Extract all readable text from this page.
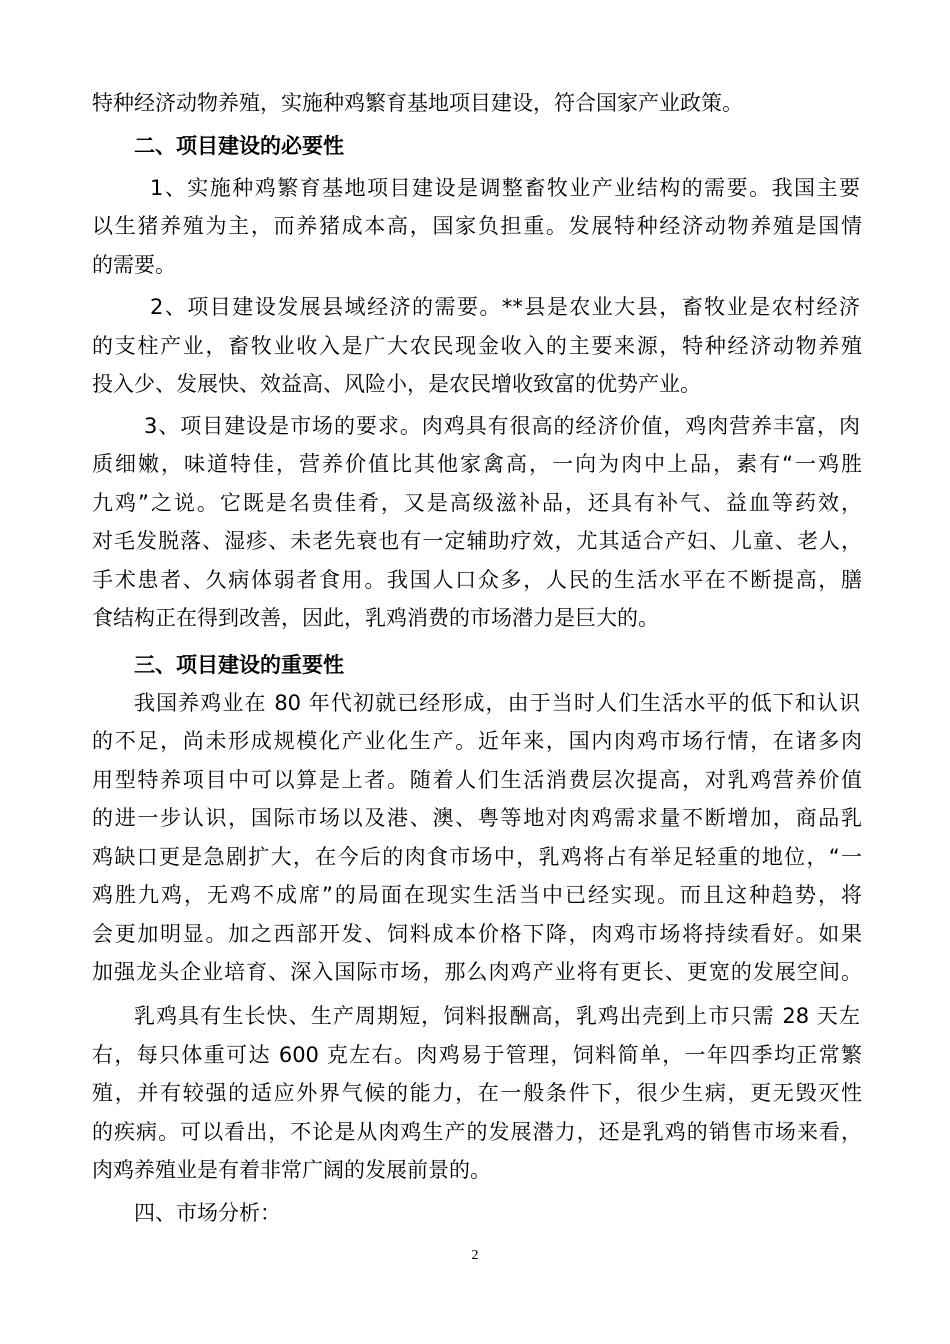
特种经济动物养殖，实施种鸡繁育基地项目建设，符合国家产业政策。
二、项目建设的必要性
1、实施种鸡繁育基地项目建设是调整畜牧业产业结构的需要。我国主要
以生猪养殖为主，而养猪成本高，国家负担重。发展特种经济动物养殖是国情
的需要。
2、项目建设发展县域经济的需要。**县是农业大县，畜牧业是农村经济
的支柱产业，畜牧业收入是广大农民现金收入的主要来源，特种经济动物养殖
投入少、发展快、效益高、风险小，是农民增收致富的优势产业。
3、项目建设是市场的要求。肉鸡具有很高的经济价值，鸡肉营养丰富，肉
质细嫩，味道特佳，营养价值比其他家禽高，一向为肉中上品，素有“一鸡胜
九鸡”之说。它既是名贵佳肴，又是高级滋补品，还具有补气、益血等药效，
对毛发脱落、湿疹、未老先衰也有一定辅助疗效，尤其适合产妇、儿童、老人，
手术患者、久病体弱者食用。我国人口众多，人民的生活水平在不断提高，膳
食结构正在得到改善，因此，乳鸡消费的市场潜力是巨大的。
三、项目建设的重要性
我国养鸡业在 80 年代初就已经形成，由于当时人们生活水平的低下和认识
的不足，尚未形成规模化产业化生产。近年来，国内肉鸡市场行情，在诸多肉
用型特养项目中可以算是上者。随着人们生活消费层次提高，对乳鸡营养价值
的进一步认识，国际市场以及港、澳、粤等地对肉鸡需求量不断增加，商品乳
鸡缺口更是急剧扩大，在今后的肉食市场中，乳鸡将占有举足轻重的地位，“一
鸡胜九鸡，无鸡不成席”的局面在现实生活当中已经实现。而且这种趋势，将
会更加明显。加之西部开发、饲料成本价格下降，肉鸡市场将持续看好。如果
加强龙头企业培育、深入国际市场，那么肉鸡产业将有更长、更宽的发展空间。
乳鸡具有生长快、生产周期短，饲料报酬高，乳鸡出壳到上市只需 28 天左
右，每只体重可达 600 克左右。肉鸡易于管理，饲料简单，一年四季均正常繁
殖，并有较强的适应外界气候的能力，在一般条件下，很少生病，更无毁灭性
的疾病。可以看出，不论是从肉鸡生产的发展潜力，还是乳鸡的销售市场来看，
肉鸡养殖业是有着非常广阔的发展前景的。
四、市场分析：
2
